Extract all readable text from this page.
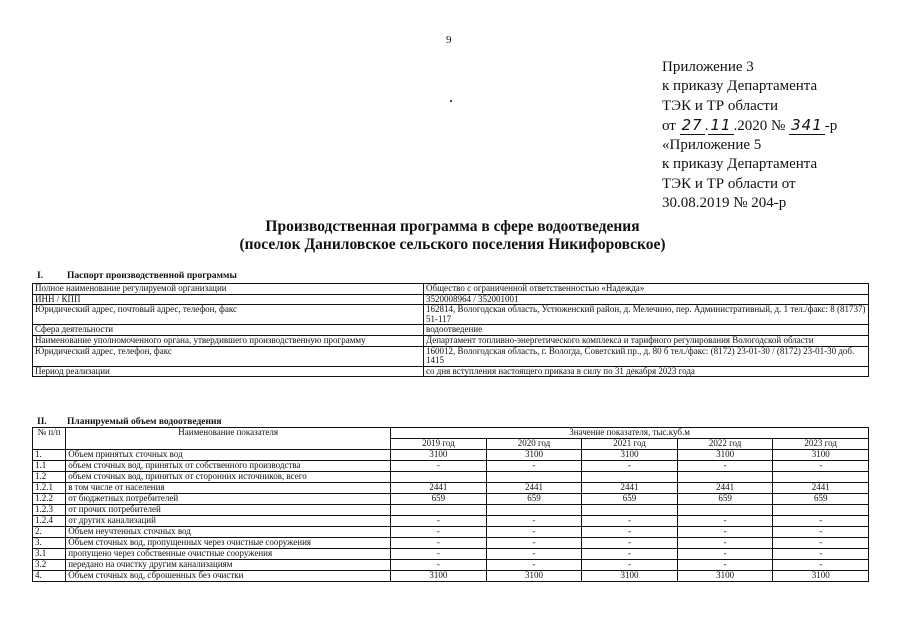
9
Приложение 3
к приказу Департамента
ТЭК и ТР области
от 27 . 11 .2020 № 341 -р
«Приложение 5
к приказу Департамента
ТЭК и ТР области от
30.08.2019 № 204-р
Производственная программа в сфере водоотведения
(поселок Даниловское сельского поселения Никифоровское)
I.	Паспорт производственной программы
Полное наименование регулируемой организации	Общество с ограниченной ответственностью «Надежда»
ИНН / КПП	3520008964 / 352001001
Юридический адрес, почтовый адрес, телефон, факс	162814, Вологодская область, Устюженский район, д. Мелечино, пер. Административный, д. 1 тел./факс: 8 (81737) 51-117
Сфера деятельности	водоотведение
Наименование уполномоченного органа, утвердившего производственную программу	Департамент топливно-энергетического комплекса и тарифного регулирования Вологодской области
Юридический адрес, телефон, факс	160012, Вологодская область, г. Вологда, Советский пр., д. 80 б тел./факс: (8172) 23-01-30 / (8172) 23-01-30 доб. 1415
Период реализации	со дня вступления настоящего приказа в силу по 31 декабря 2023 года
II. Планируемый объем водоотведения
№ п/п	Наименование показателя	Значение показателя, тыс.куб.м				
		2019 год	2020 год	2021 год	2022 год	2023 год
1.	Объем принятых сточных вод	3100	3100	3100	3100	3100
1.1	объем сточных вод, принятых от собственного производства	-	-	-	-	-
1.2	объем сточных вод, принятых от сторонних источников, всего					
1.2.1	в том числе от населения	2441	2441	2441	2441	2441
1.2.2	от бюджетных потребителей	659	659	659	659	659
1.2.3	от прочих потребителей					
1.2.4	от других канализаций	-	-	-	-	-
2.	Объем неучтенных сточных вод	-	-	-	-	-
3.	Объем сточных вод, пропущенных через очистные сооружения	-	-	-	-	-
3.1	пропущено через собственные очистные сооружения	-	-	-	-	-
3.2	передано на очистку другим канализациям	-	-	-	-	-
4.	Объем сточных вод, сброшенных без очистки	3100	3100	3100	3100	3100
